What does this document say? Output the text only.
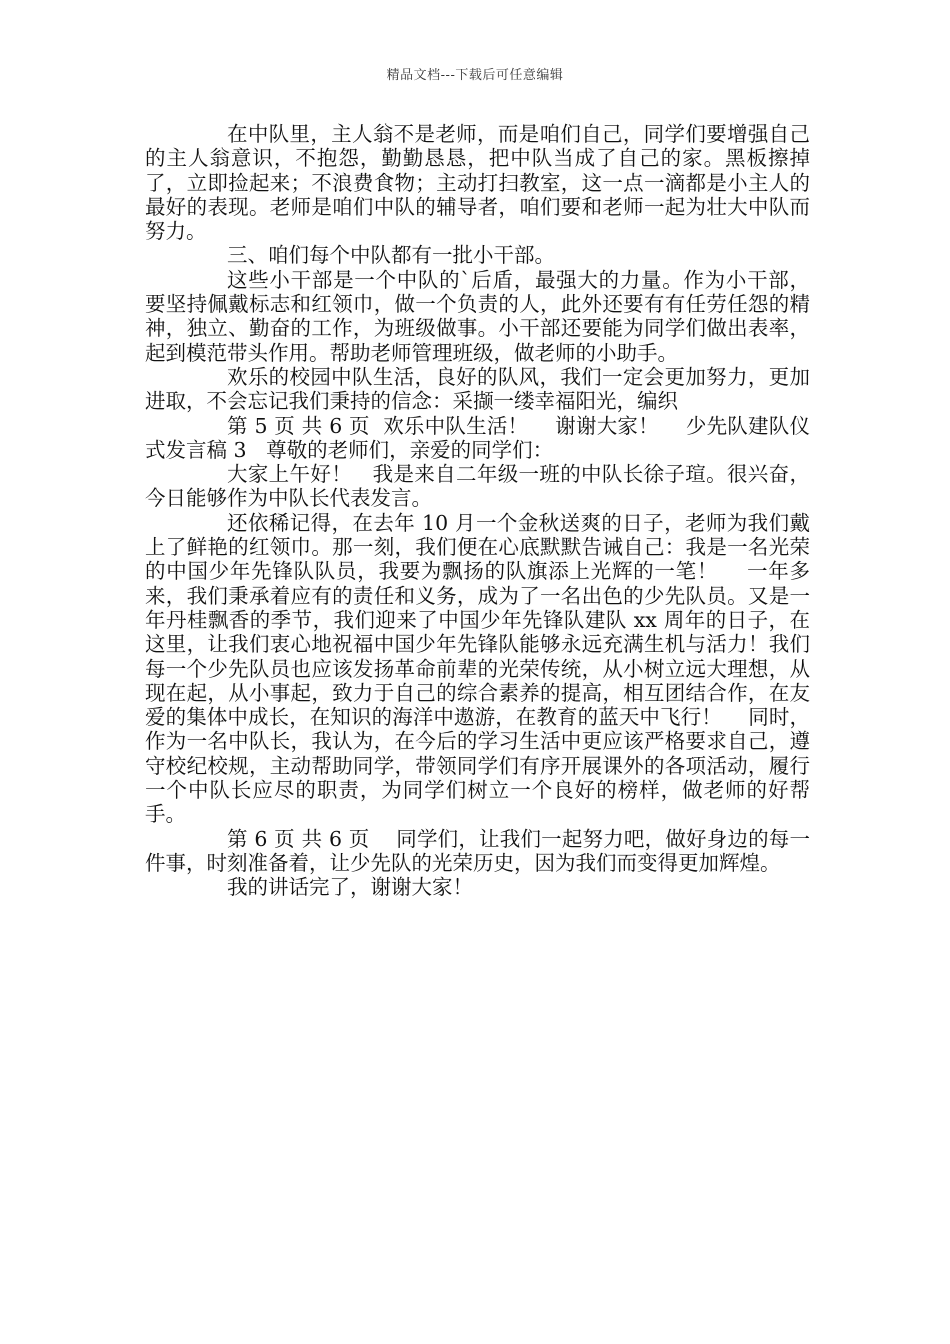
精品文档---下载后可任意编辑

在中队里，主人翁不是老师，而是咱们自己，同学们要增强自己的主人翁意识，不抱怨，勤勤恳恳，把中队当成了自己的家。黑板擦掉了，立即捡起来；不浪费食物；主动打扫教室，这一点一滴都是小主人的最好的表现。老师是咱们中队的辅导者，咱们要和老师一起为壮大中队而努力。

三、咱们每个中队都有一批小干部。

这些小干部是一个中队的`后盾，最强大的力量。作为小干部，要坚持佩戴标志和红领巾，做一个负责的人，此外还要有有任劳任怨的精神，独立、勤奋的工作，为班级做事。小干部还要能为同学们做出表率，起到模范带头作用。帮助老师管理班级，做老师的小助手。

欢乐的校园中队生活，良好的队风，我们一定会更加努力，更加进取，不会忘记我们秉持的信念：采撷一缕幸福阳光，编织

第 5 页 共 6 页  欢乐中队生活！    谢谢大家！    少先队建队仪式发言稿 3   尊敬的老师们，亲爱的同学们：

大家上午好！   我是来自二年级一班的中队长徐子瑄。很兴奋，今日能够作为中队长代表发言。

还依稀记得，在去年 10 月一个金秋送爽的日子，老师为我们戴上了鲜艳的红领巾。那一刻，我们便在心底默默告诫自己：我是一名光荣的中国少年先锋队队员，我要为飘扬的队旗添上光辉的一笔！    一年多来，我们秉承着应有的责任和义务，成为了一名出色的少先队员。又是一年丹桂飘香的季节，我们迎来了中国少年先锋队建队 xx 周年的日子，在这里，让我们衷心地祝福中国少年先锋队能够永远充满生机与活力！我们每一个少先队员也应该发扬革命前辈的光荣传统，从小树立远大理想，从现在起，从小事起，致力于自己的综合素养的提高，相互团结合作，在友爱的集体中成长，在知识的海洋中遨游，在教育的蓝天中飞行！    同时，作为一名中队长，我认为，在今后的学习生活中更应该严格要求自己，遵守校纪校规，主动帮助同学，带领同学们有序开展课外的各项活动，履行一个中队长应尽的职责，为同学们树立一个良好的榜样，做老师的好帮手。

第 6 页 共 6 页    同学们，让我们一起努力吧，做好身边的每一件事，时刻准备着，让少先队的光荣历史，因为我们而变得更加辉煌。

我的讲话完了，谢谢大家！
